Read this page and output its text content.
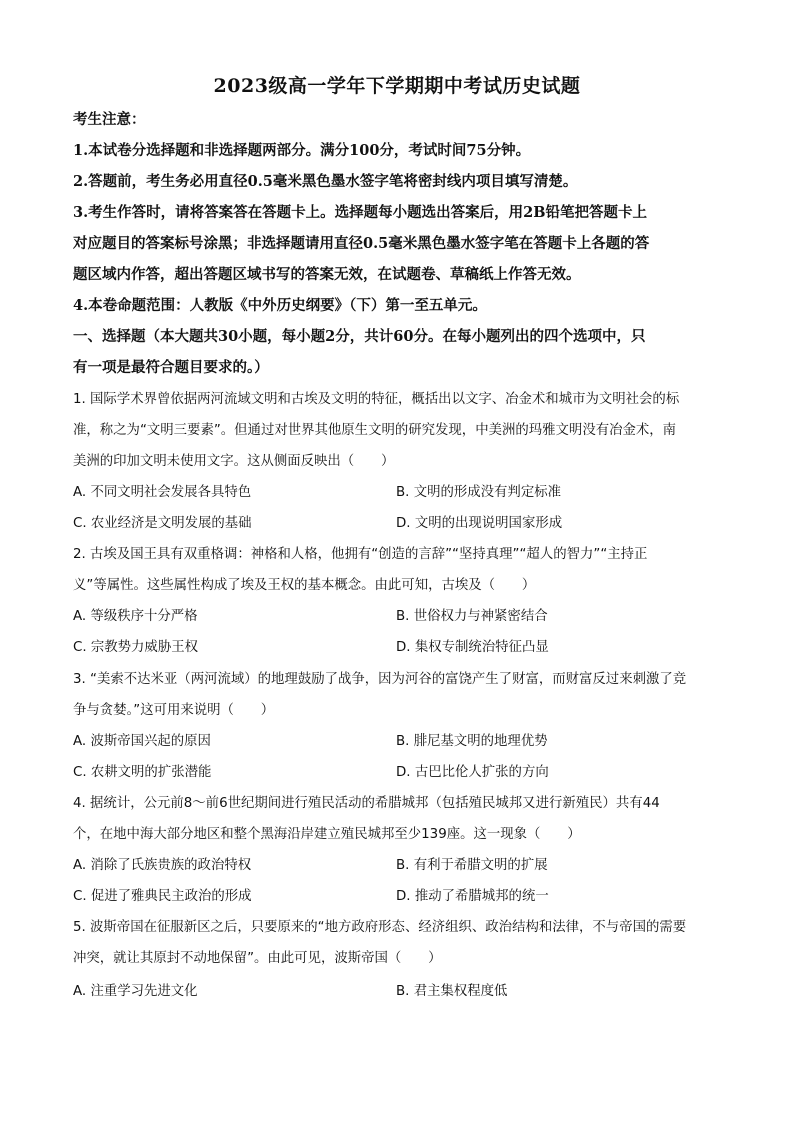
2023级高一学年下学期期中考试历史试题
考生注意：
1.本试卷分选择题和非选择题两部分。满分100分，考试时间75分钟。
2.答题前，考生务必用直径0.5毫米黑色墨水签字笔将密封线内项目填写清楚。
3.考生作答时，请将答案答在答题卡上。选择题每小题选出答案后，用2B铅笔把答题卡上
对应题目的答案标号涂黑；非选择题请用直径0.5毫米黑色墨水签字笔在答题卡上各题的答
题区域内作答，超出答题区域书写的答案无效，在试题卷、草稿纸上作答无效。
4.本卷命题范围：人教版《中外历史纲要》（下）第一至五单元。
一、选择题（本大题共30小题，每小题2分，共计60分。在每小题列出的四个选项中，只
有一项是最符合题目要求的。）
1. 国际学术界曾依据两河流域文明和古埃及文明的特征，概括出以文字、冶金术和城市为文明社会的标
准，称之为“文明三要素”。但通过对世界其他原生文明的研究发现，中美洲的玛雅文明没有冶金术，南
美洲的印加文明未使用文字。这从侧面反映出（　　）
A. 不同文明社会发展各具特色	B. 文明的形成没有判定标准
C. 农业经济是文明发展的基础	D. 文明的出现说明国家形成
2. 古埃及国王具有双重格调：神格和人格，他拥有“创造的言辞”“坚持真理”“超人的智力”“主持正
义”等属性。这些属性构成了埃及王权的基本概念。由此可知，古埃及（　　）
A. 等级秩序十分严格	B. 世俗权力与神紧密结合
C. 宗教势力威胁王权	D. 集权专制统治特征凸显
3. “美索不达米亚（两河流域）的地理鼓励了战争，因为河谷的富饶产生了财富，而财富反过来刺激了竞
争与贪婪。”这可用来说明（　　）
A. 波斯帝国兴起的原因	B. 腓尼基文明的地理优势
C. 农耕文明的扩张潜能	D. 古巴比伦人扩张的方向
4. 据统计，公元前8～前6世纪期间进行殖民活动的希腊城邦（包括殖民城邦又进行新殖民）共有44
个，在地中海大部分地区和整个黑海沿岸建立殖民城邦至少139座。这一现象（　　）
A. 消除了氏族贵族的政治特权	B. 有利于希腊文明的扩展
C. 促进了雅典民主政治的形成	D. 推动了希腊城邦的统一
5. 波斯帝国在征服新区之后，只要原来的“地方政府形态、经济组织、政治结构和法律，不与帝国的需要
冲突，就让其原封不动地保留”。由此可见，波斯帝国（　　）
A. 注重学习先进文化	B. 君主集权程度低
